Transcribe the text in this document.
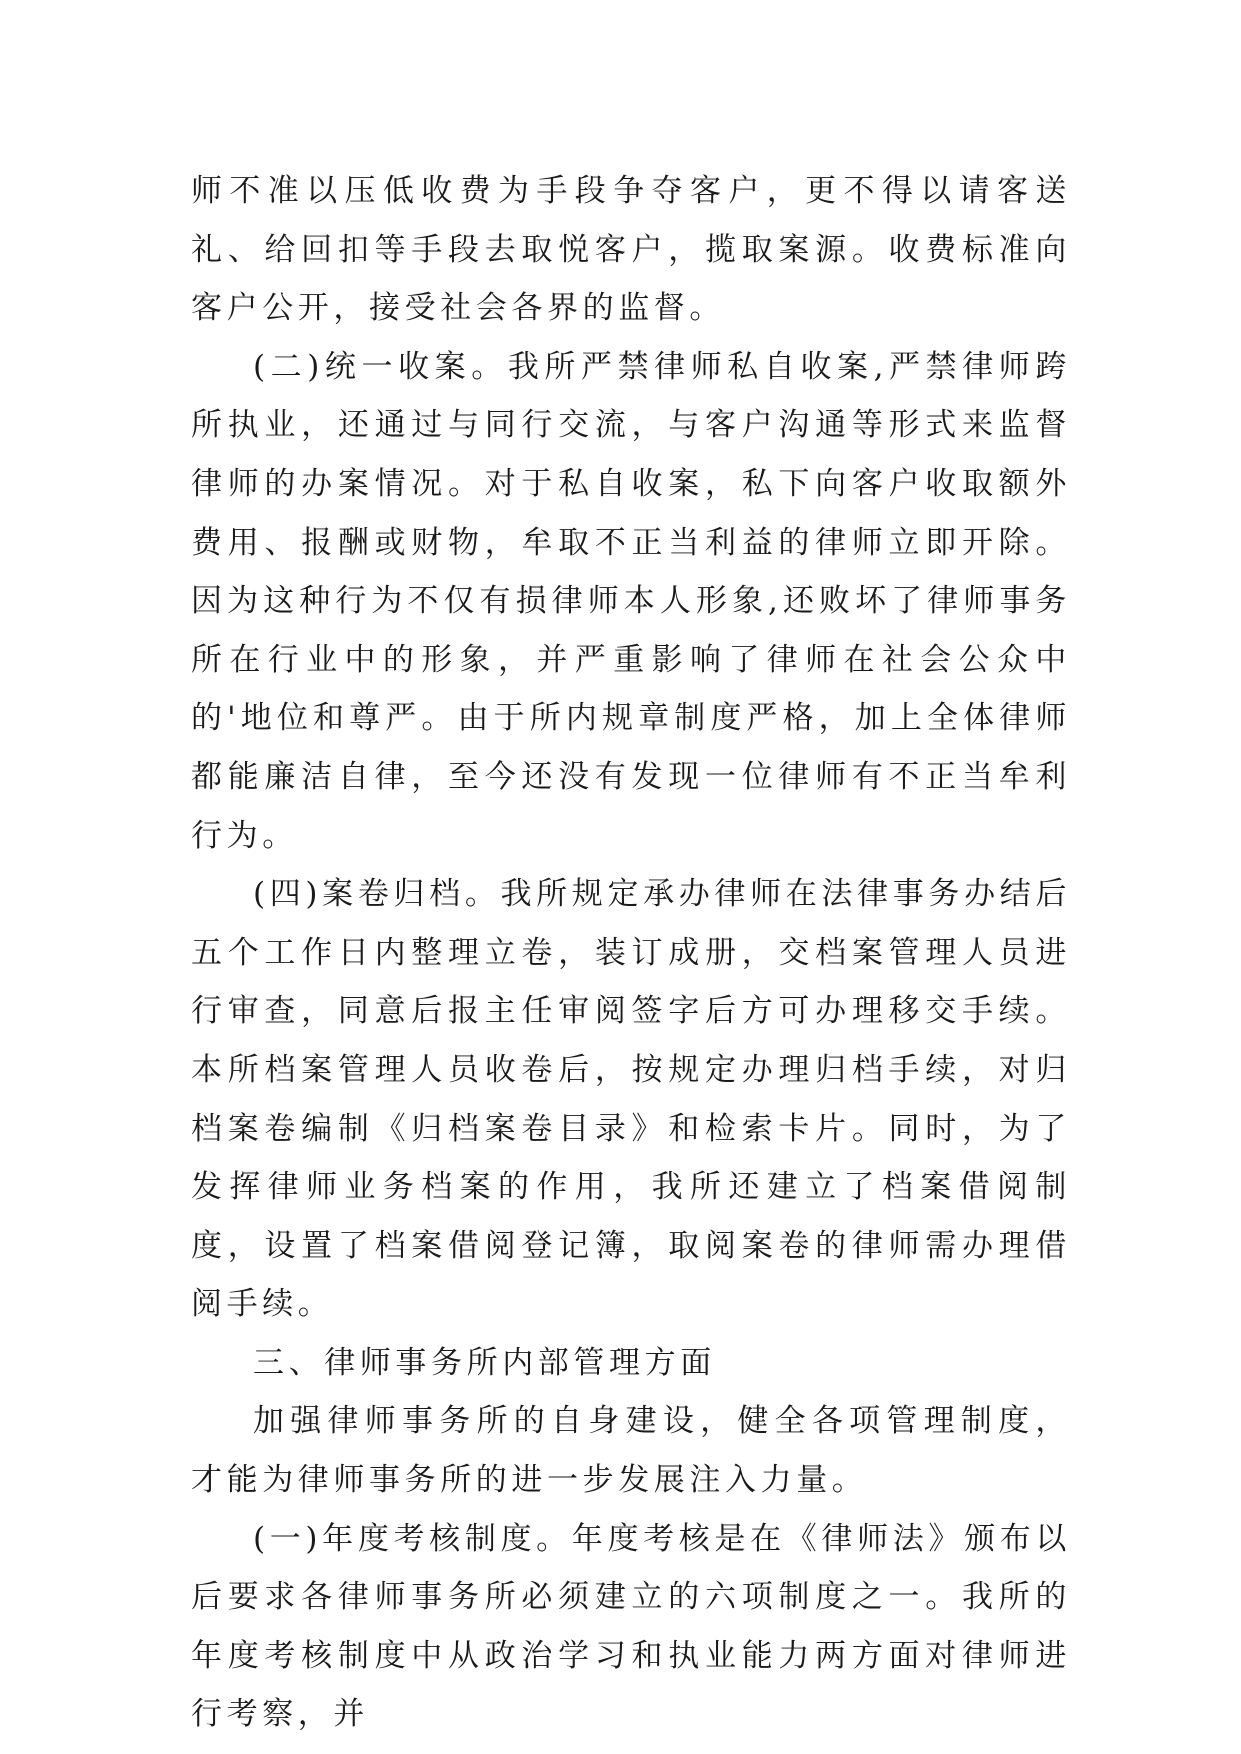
师不准以压低收费为手段争夺客户，更不得以请客送礼、给回扣等手段去取悦客户，揽取案源。收费标准向客户公开，接受社会各界的监督。

(二)统一收案。我所严禁律师私自收案,严禁律师跨所执业，还通过与同行交流，与客户沟通等形式来监督律师的办案情况。对于私自收案，私下向客户收取额外费用、报酬或财物，牟取不正当利益的律师立即开除。因为这种行为不仅有损律师本人形象,还败坏了律师事务所在行业中的形象，并严重影响了律师在社会公众中的'地位和尊严。由于所内规章制度严格，加上全体律师都能廉洁自律，至今还没有发现一位律师有不正当牟利行为。

(四)案卷归档。我所规定承办律师在法律事务办结后五个工作日内整理立卷，装订成册，交档案管理人员进行审查，同意后报主任审阅签字后方可办理移交手续。本所档案管理人员收卷后，按规定办理归档手续，对归档案卷编制《归档案卷目录》和检索卡片。同时，为了发挥律师业务档案的作用，我所还建立了档案借阅制度，设置了档案借阅登记簿，取阅案卷的律师需办理借阅手续。

三、律师事务所内部管理方面

加强律师事务所的自身建设，健全各项管理制度，才能为律师事务所的进一步发展注入力量。

(一)年度考核制度。年度考核是在《律师法》颁布以后要求各律师事务所必须建立的六项制度之一。我所的年度考核制度中从政治学习和执业能力两方面对律师进行考察，并
